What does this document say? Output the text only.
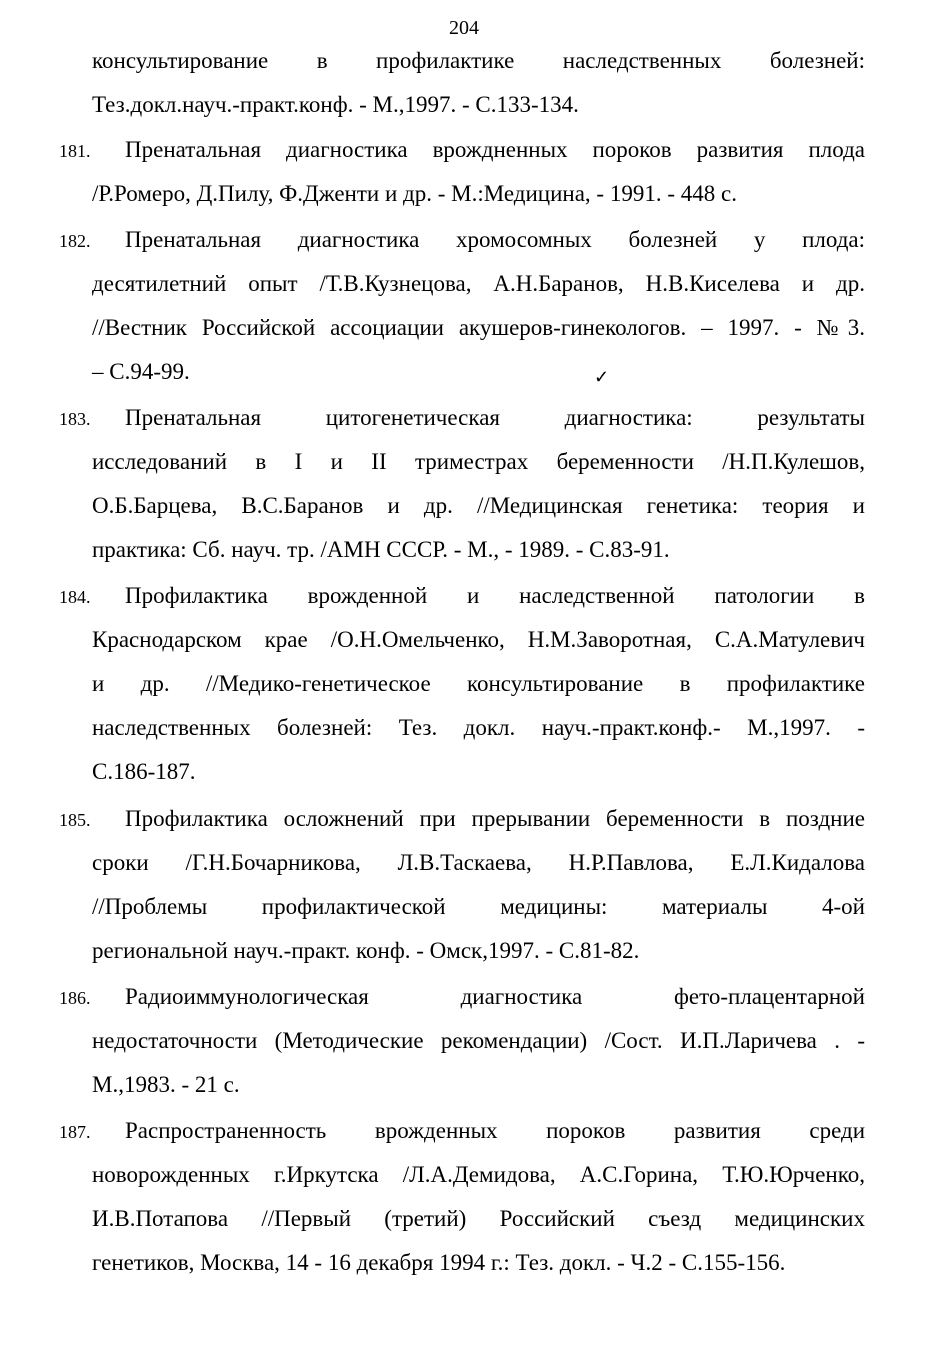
204
консультирование в профилактике наследственных болезней:
Тез.докл.науч.-практ.конф. - М.,1997. - С.133-134.
181.	Пренатальная диагностика врождненных пороков развития плода
/Р.Ромеро, Д.Пилу, Ф.Дженти и др. - М.:Медицина, - 1991. - 448 с.
182.	Пренатальная диагностика хромосомных болезней у плода:
десятилетний опыт /Т.В.Кузнецова, А.Н.Баранов, Н.В.Киселева и др.
//Вестник Российской ассоциации акушеров-гинекологов. – 1997. - №3.
– С.94-99.	✓
183.	Пренатальная цитогенетическая диагностика: результаты
исследований в I и II триместрах беременности /Н.П.Кулешов,
О.Б.Барцева, В.С.Баранов и др. //Медицинская генетика: теория и
практика: Сб. науч. тр. /АМН СССР. - М., - 1989. - С.83-91.
184.	Профилактика врожденной и наследственной патологии в
Краснодарском крае /О.Н.Омельченко, Н.М.Заворотная, С.А.Матулевич
и др. //Медико-генетическое консультирование в профилактике
наследственных болезней: Тез. докл. науч.-практ.конф.- М.,1997. -
С.186-187.
185.	Профилактика осложнений при прерывании беременности в поздние
сроки /Г.Н.Бочарникова, Л.В.Таскаева, Н.Р.Павлова, Е.Л.Кидалова
//Проблемы профилактической медицины: материалы 4-ой
региональной науч.-практ. конф. - Омск,1997. - С.81-82.
186.	Радиоиммунологическая диагностика фето-плацентарной
недостаточности (Методические рекомендации) /Сост. И.П.Ларичева . -
М.,1983. - 21 с.
187.	Распространенность врожденных пороков развития среди
новорожденных г.Иркутска /Л.А.Демидова, А.С.Горина, Т.Ю.Юрченко,
И.В.Потапова //Первый (третий) Российский съезд медицинских
генетиков, Москва, 14 - 16 декабря 1994 г.: Тез. докл. - Ч.2 - С.155-156.
